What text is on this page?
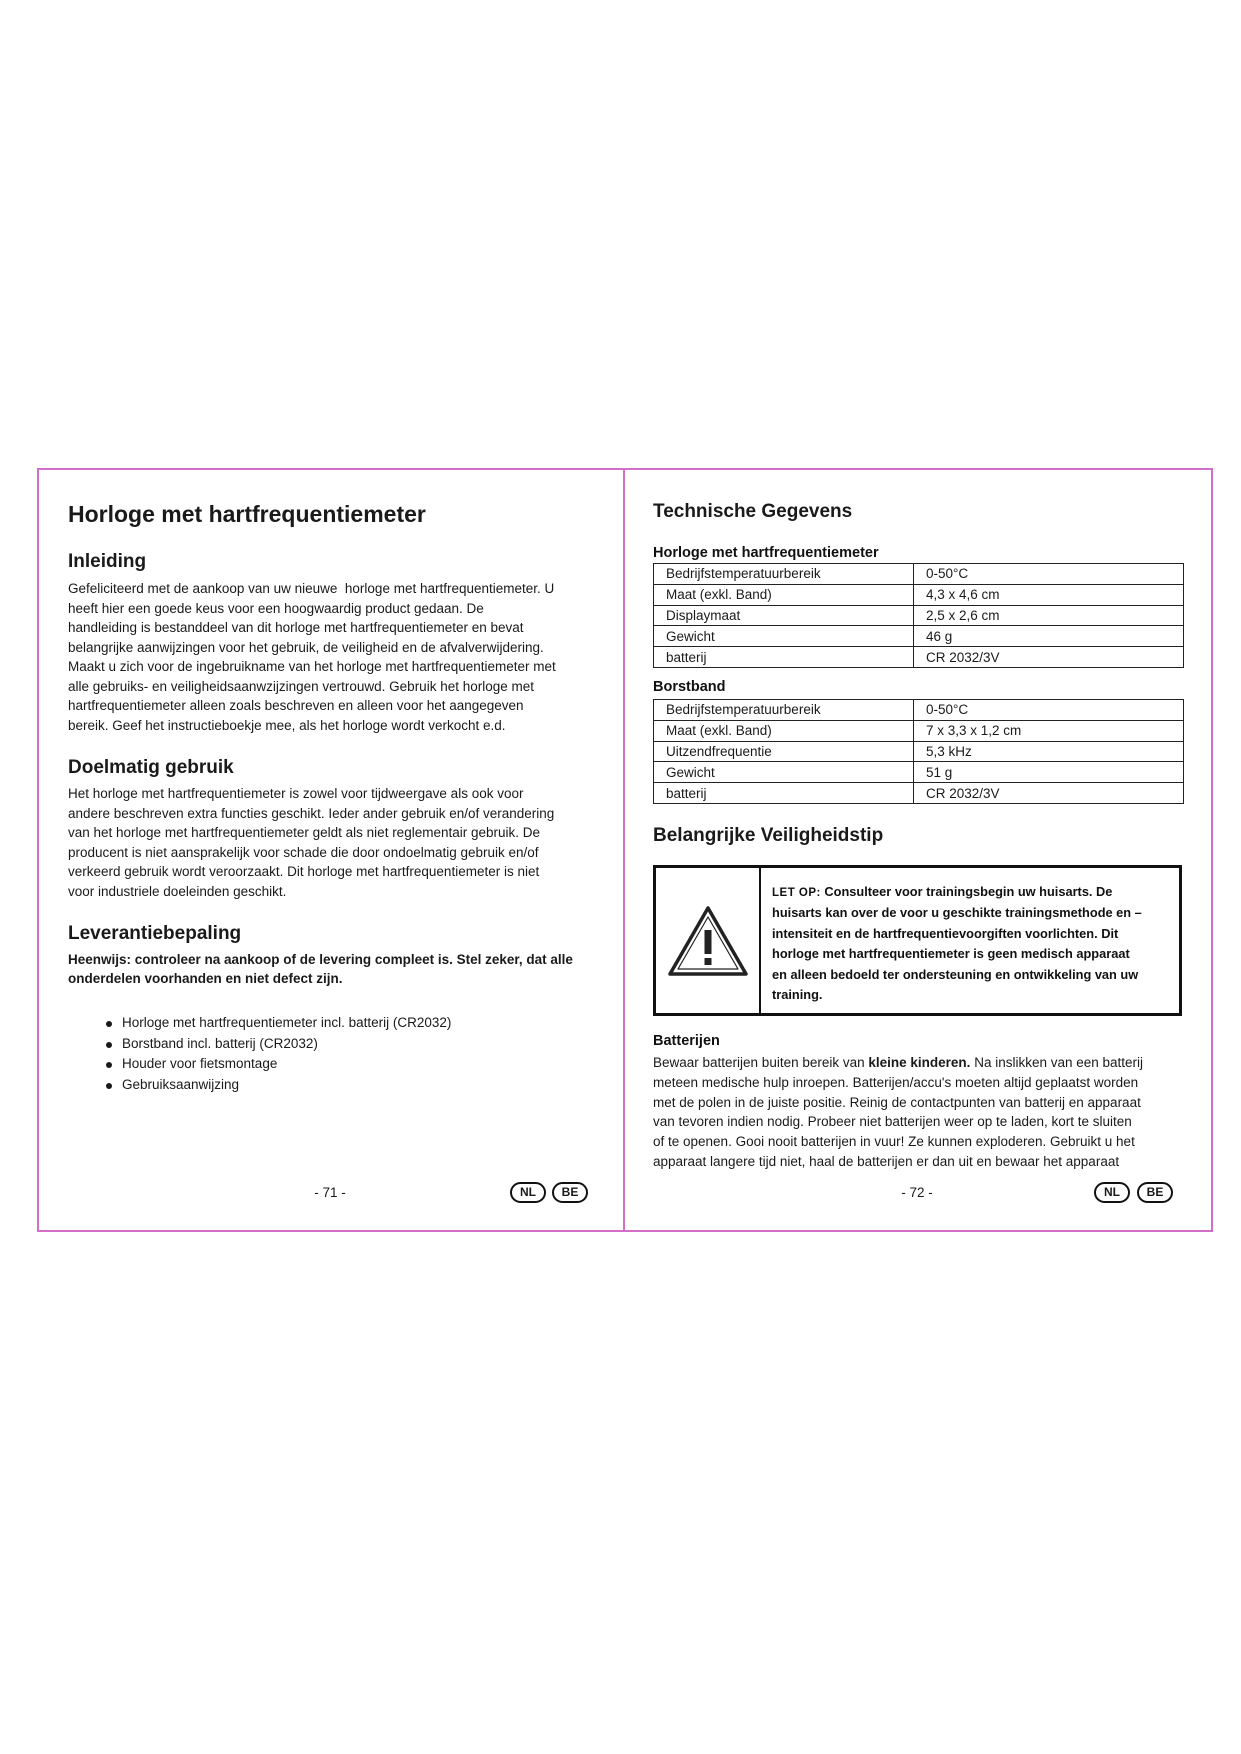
Horloge met hartfrequentiemeter
Inleiding
Gefeliciteerd met de aankoop van uw nieuwe  horloge met hartfrequentiemeter. U
heeft hier een goede keus voor een hoogwaardig product gedaan. De
handleiding is bestanddeel van dit horloge met hartfrequentiemeter en bevat
belangrijke aanwijzingen voor het gebruik, de veiligheid en de afvalverwijdering.
Maakt u zich voor de ingebruikname van het horloge met hartfrequentiemeter met
alle gebruiks- en veiligheidsaanwzijzingen vertrouwd. Gebruik het horloge met
hartfrequentiemeter alleen zoals beschreven en alleen voor het aangegeven
bereik. Geef het instructieboekje mee, als het horloge wordt verkocht e.d.
Doelmatig gebruik
Het horloge met hartfrequentiemeter is zowel voor tijdweergave als ook voor
andere beschreven extra functies geschikt. Ieder ander gebruik en/of verandering
van het horloge met hartfrequentiemeter geldt als niet reglementair gebruik. De
producent is niet aansprakelijk voor schade die door ondoelmatig gebruik en/of
verkeerd gebruik wordt veroorzaakt. Dit horloge met hartfrequentiemeter is niet
voor industriele doeleinden geschikt.
Leverantiebepaling
Heenwijs: controleer na aankoop of de levering compleet is. Stel zeker, dat alle
onderdelen voorhanden en niet defect zijn.
Horloge met hartfrequentiemeter incl. batterij (CR2032)
Borstband incl. batterij (CR2032)
Houder voor fietsmontage
Gebruiksaanwijzing
- 71 -	NL	BE
Technische Gegevens
Horloge met hartfrequentiemeter
Bedrijfstemperatuurbereik	0-50°C
Maat (exkl. Band)	4,3 x 4,6 cm
Displaymaat	2,5 x 2,6 cm
Gewicht	46 g
batterij	CR 2032/3V
Borstband
Bedrijfstemperatuurbereik	0-50°C
Maat (exkl. Band)	7 x 3,3 x 1,2 cm
Uitzendfrequentie	5,3 kHz
Gewicht	51 g
batterij	CR 2032/3V
Belangrijke Veiligheidstip
LET OP: Consulteer voor trainingsbegin uw huisarts. De
huisarts kan over de voor u geschikte trainingsmethode en –
intensiteit en de hartfrequentievoorgiften voorlichten. Dit
horloge met hartfrequentiemeter is geen medisch apparaat
en alleen bedoeld ter ondersteuning en ontwikkeling van uw
training.
Batterijen
Bewaar batterijen buiten bereik van kleine kinderen. Na inslikken van een batterij
meteen medische hulp inroepen. Batterijen/accu's moeten altijd geplaatst worden
met de polen in de juiste positie. Reinig de contactpunten van batterij en apparaat
van tevoren indien nodig. Probeer niet batterijen weer op te laden, kort te sluiten
of te openen. Gooi nooit batterijen in vuur! Ze kunnen exploderen. Gebruikt u het
apparaat langere tijd niet, haal de batterijen er dan uit en bewaar het apparaat
- 72 -	NL	BE
